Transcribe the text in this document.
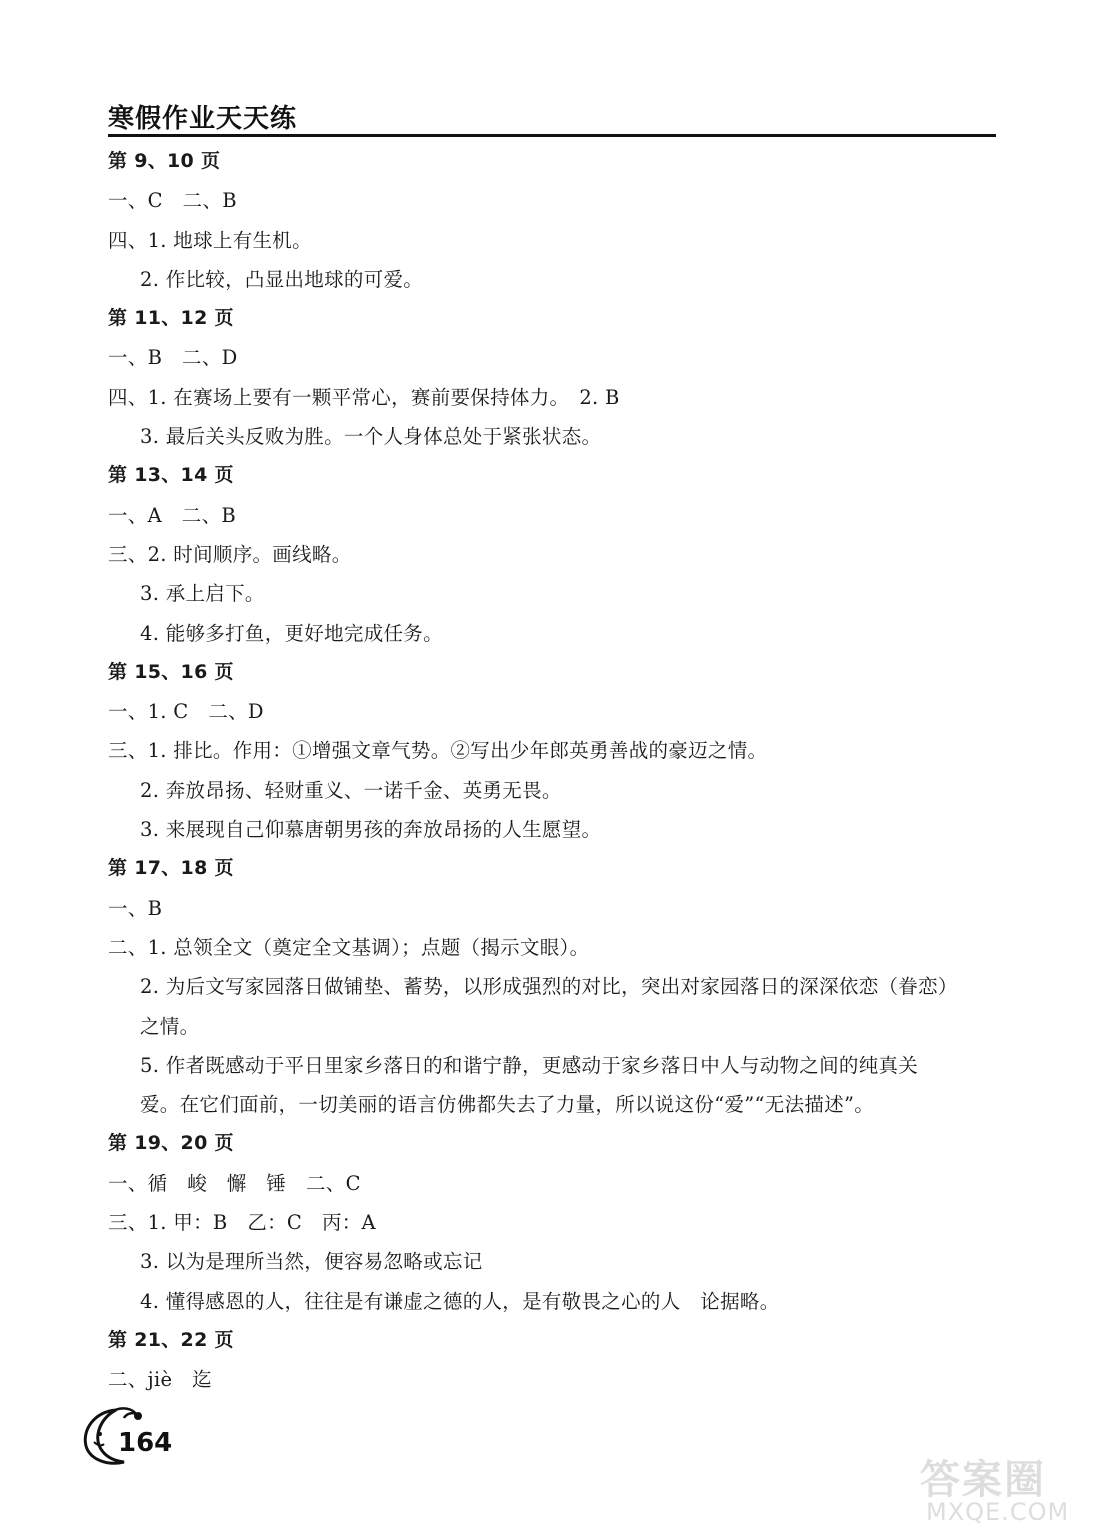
寒假作业天天练
第 9、10 页
一、C　二、B
四、1. 地球上有生机。
2. 作比较，凸显出地球的可爱。
第 11、12 页
一、B　二、D
四、1. 在赛场上要有一颗平常心，赛前要保持体力。　2. B
3. 最后关头反败为胜。一个人身体总处于紧张状态。
第 13、14 页
一、A　二、B
三、2. 时间顺序。画线略。
3. 承上启下。
4. 能够多打鱼，更好地完成任务。
第 15、16 页
一、1. C　二、D
三、1. 排比。作用：①增强文章气势。②写出少年郎英勇善战的豪迈之情。
2. 奔放昂扬、轻财重义、一诺千金、英勇无畏。
3. 来展现自己仰慕唐朝男孩的奔放昂扬的人生愿望。
第 17、18 页
一、B
二、1. 总领全文（奠定全文基调）；点题（揭示文眼）。
2. 为后文写家园落日做铺垫、蓄势，以形成强烈的对比，突出对家园落日的深深依恋（眷恋）
之情。
5. 作者既感动于平日里家乡落日的和谐宁静，更感动于家乡落日中人与动物之间的纯真关
爱。在它们面前，一切美丽的语言仿佛都失去了力量，所以说这份“爱”“无法描述”。
第 19、20 页
一、循　峻　懈　锤　二、C
三、1. 甲：B　乙：C　丙：A
3. 以为是理所当然，便容易忽略或忘记
4. 懂得感恩的人，往往是有谦虚之德的人，是有敬畏之心的人　论据略。
第 21、22 页
二、jiè　迄
164
答案圈
MXQE.COM
